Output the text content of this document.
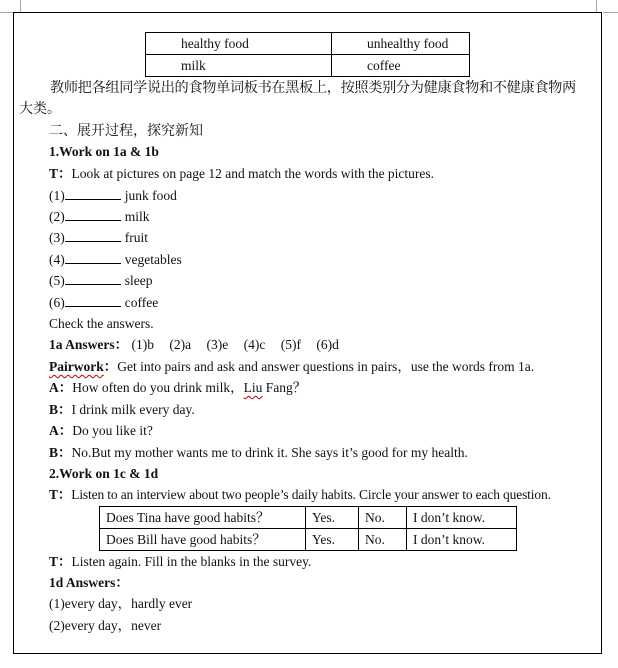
healthy food	unhealthy food
milk	coffee
教师把各组同学说出的食物单词板书在黑板上，按照类别分为健康食物和不健康食物两
大类。
二、展开过程，探究新知
1.Work on 1a & 1b
T：Look at pictures on page 12 and match the words with the pictures.
(1)	junk food
(2)	milk
(3)	fruit
(4)	vegetables
(5)	sleep
(6)	coffee
Check the answers.
1a Answers： (1)b (2)a (3)e (4)c (5)f (6)d
Pairwork：Get into pairs and ask and answer questions in pairs，use the words from 1a.
A：How often do you drink milk，Liu Fang？
B：I drink milk every day.
A：Do you like it?
B：No.But my mother wants me to drink it. She says it’s good for my health.
2.Work on 1c & 1d
T：Listen to an interview about two people’s daily habits. Circle your answer to each question.
Does Tina have good habits？	Yes.	No.	I don’t know.
Does Bill have good habits？	Yes.	No.	I don’t know.
T：Listen again. Fill in the blanks in the survey.
1d Answers：
(1)every day，hardly ever
(2)every day，never
